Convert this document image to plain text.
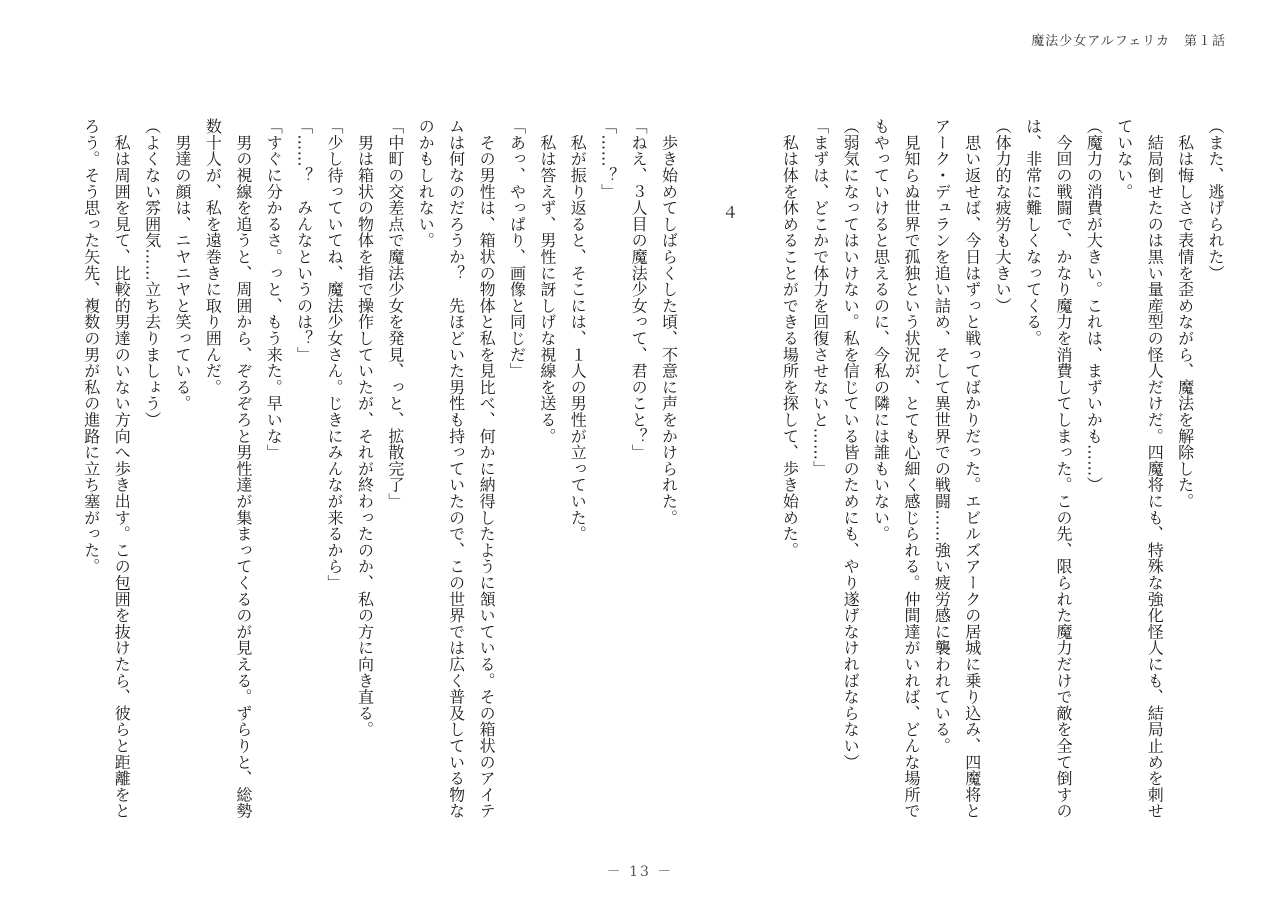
魔法少女アルフェリカ 第１話

（また、逃げられた）

　私は悔しさで表情を歪めながら、魔法を解除した。

　結局倒せたのは黒い量産型の怪人だけだ。四魔将にも、特殊な強化怪人にも、結局止めを刺せていない。

（魔力の消費が大きい。これは、まずいかも……）

　今回の戦闘で、かなり魔力を消費してしまった。この先、限られた魔力だけで敵を全て倒すのは、非常に難しくなってくる。

（体力的な疲労も大きい）

　思い返せば、今日はずっと戦ってばかりだった。エビルズアークの居城に乗り込み、四魔将とアーク・デュランを追い詰め、そして異世界での戦闘……強い疲労感に襲われている。

　見知らぬ世界で孤独という状況が、とても心細く感じられる。仲間達がいれば、どんな場所でもやっていけると思えるのに、今私の隣には誰もいない。

（弱気になってはいけない。私を信じている皆のためにも、やり遂げなければならない）

「まずは、どこかで体力を回復させないと……」

　私は体を休めることができる場所を探して、歩き始めた。

４

　歩き始めてしばらくした頃、不意に声をかけられた。

「ねえ、３人目の魔法少女って、君のこと？」

「……？」

　私が振り返ると、そこには、１人の男性が立っていた。

　私は答えず、男性に訝しげな視線を送る。

「あっ、やっぱり、画像と同じだ」

　その男性は、箱状の物体と私を見比べ、何かに納得したように頷いている。その箱状のアイテムは何なのだろうか？　先ほどいた男性も持っていたので、この世界では広く普及している物なのかもしれない。

「中町の交差点で魔法少女を発見、っと、拡散完了」

　男は箱状の物体を指で操作していたが、それが終わったのか、私の方に向き直る。

「少し待っていてね、魔法少女さん。じきにみんなが来るから」

「……？　みんなというのは？」

「すぐに分かるさ。っと、もう来た。早いな」

　男の視線を追うと、周囲から、ぞろぞろと男性達が集まってくるのが見える。ずらりと、総勢数十人が、私を遠巻きに取り囲んだ。

　男達の顔は、ニヤニヤと笑っている。

（よくない雰囲気……立ち去りましょう）

　私は周囲を見て、比較的男達のいない方向へ歩き出す。この包囲を抜けたら、彼らと距離をとろう。そう思った矢先、複数の男が私の進路に立ち塞がった。

－ 13 －
